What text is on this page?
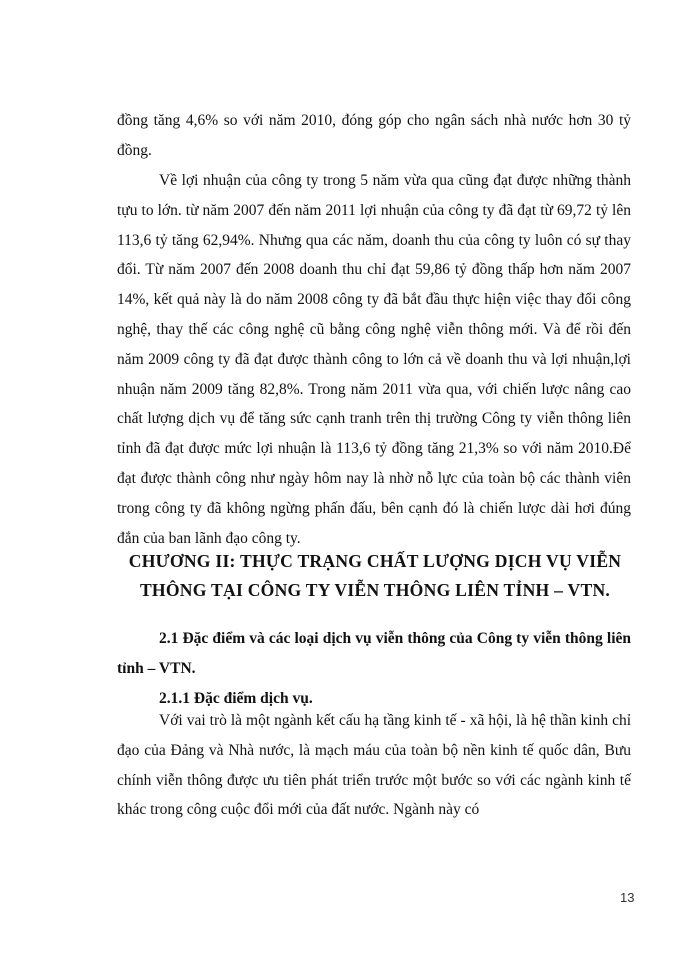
đồng tăng 4,6% so với năm 2010, đóng góp cho ngân sách nhà nước hơn 30 tỷ đồng.

Về lợi nhuận của công ty trong 5 năm vừa qua cũng đạt được những thành tựu to lớn. từ năm 2007 đến năm 2011 lợi nhuận của công ty đã đạt từ 69,72 tỷ lên 113,6 tỷ tăng 62,94%. Nhưng qua các năm, doanh thu của công ty luôn có sự thay đổi. Từ năm 2007 đến 2008 doanh thu chỉ đạt 59,86 tỷ đồng thấp hơn năm 2007 14%, kết quả này là do năm 2008 công ty đã bắt đầu thực hiện việc thay đổi công nghệ, thay thế các công nghệ cũ bằng công nghệ viễn thông mới. Và để rồi đến năm 2009 công ty đã đạt được thành công to lớn cả về doanh thu và lợi nhuận,lợi nhuận năm 2009 tăng 82,8%. Trong năm 2011 vừa qua, với chiến lược nâng cao chất lượng dịch vụ để tăng sức cạnh tranh trên thị trường Công ty viễn thông liên tỉnh đã đạt được mức lợi nhuận là 113,6 tỷ đồng tăng 21,3% so với năm 2010.Để đạt được thành công như ngày hôm nay là nhờ nỗ lực của toàn bộ các thành viên trong công ty đã không ngừng phấn đấu, bên cạnh đó là chiến lược dài hơi đúng đắn của ban lãnh đạo công ty.

CHƯƠNG II: THỰC TRẠNG CHẤT LƯỢNG DỊCH VỤ VIỄN THÔNG TẠI CÔNG TY VIỄN THÔNG LIÊN TỈNH – VTN.

2.1 Đặc điểm và các loại dịch vụ viễn thông của Công ty viễn thông liên tỉnh – VTN.

2.1.1 Đặc điểm dịch vụ.

Với vai trò là một ngành kết cấu hạ tầng kinh tế - xã hội, là hệ thần kinh chỉ đạo của Đảng và Nhà nước, là mạch máu của toàn bộ nền kinh tế quốc dân, Bưu chính viễn thông được ưu tiên phát triển trước một bước so với các ngành kinh tế khác trong công cuộc đổi mới của đất nước. Ngành này có

13
